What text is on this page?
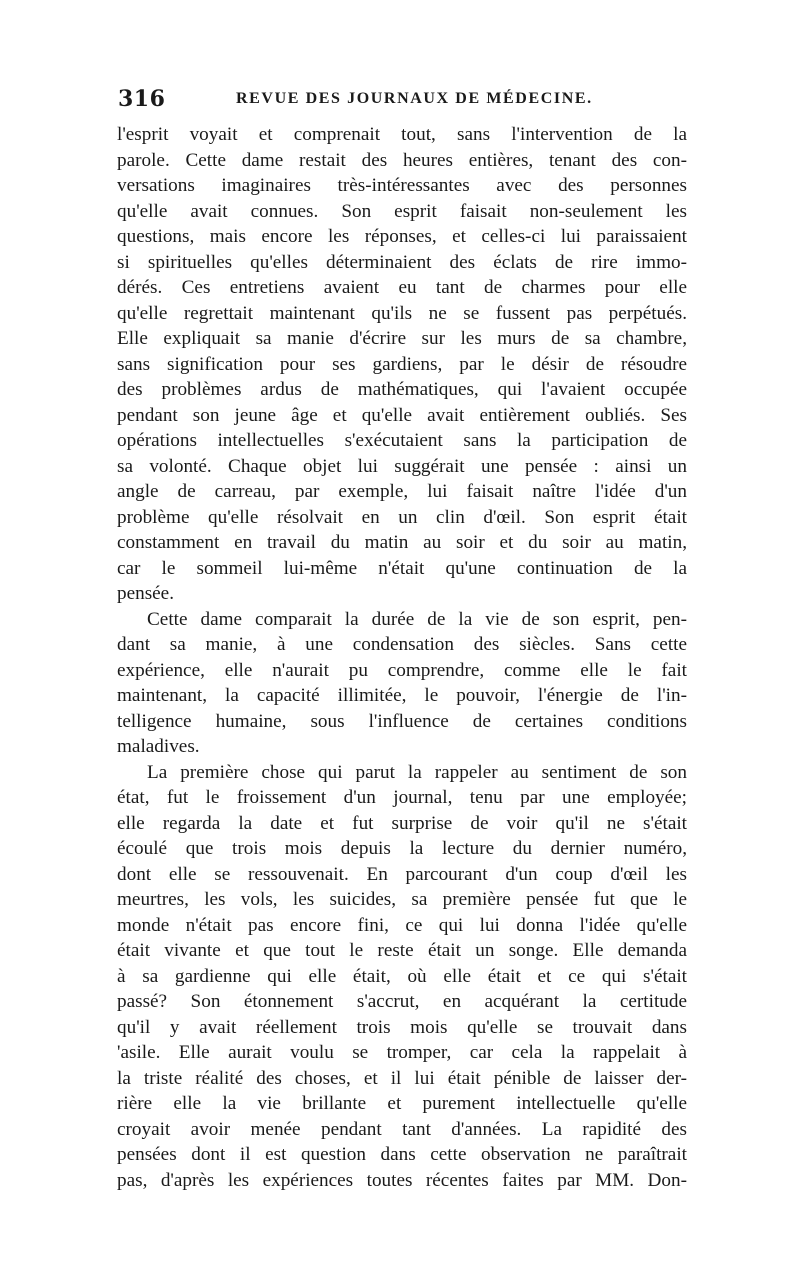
316	REVUE DES JOURNAUX DE MÉDECINE.
l'esprit voyait et comprenait tout, sans l'intervention de la
parole. Cette dame restait des heures entières, tenant des con-
versations imaginaires très-intéressantes avec des personnes
qu'elle avait connues. Son esprit faisait non-seulement les
questions, mais encore les réponses, et celles-ci lui paraissaient
si spirituelles qu'elles déterminaient des éclats de rire immo-
dérés. Ces entretiens avaient eu tant de charmes pour elle
qu'elle regrettait maintenant qu'ils ne se fussent pas perpétués.
Elle expliquait sa manie d'écrire sur les murs de sa chambre,
sans signification pour ses gardiens, par le désir de résoudre
des problèmes ardus de mathématiques, qui l'avaient occupée
pendant son jeune âge et qu'elle avait entièrement oubliés. Ses
opérations intellectuelles s'exécutaient sans la participation de
sa volonté. Chaque objet lui suggérait une pensée : ainsi un
angle de carreau, par exemple, lui faisait naître l'idée d'un
problème qu'elle résolvait en un clin d'œil. Son esprit était
constamment en travail du matin au soir et du soir au matin,
car le sommeil lui-même n'était qu'une continuation de la
pensée.
Cette dame comparait la durée de la vie de son esprit, pen-
dant sa manie, à une condensation des siècles. Sans cette
expérience, elle n'aurait pu comprendre, comme elle le fait
maintenant, la capacité illimitée, le pouvoir, l'énergie de l'in-
telligence humaine, sous l'influence de certaines conditions
maladives.
La première chose qui parut la rappeler au sentiment de son
état, fut le froissement d'un journal, tenu par une employée;
elle regarda la date et fut surprise de voir qu'il ne s'était
écoulé que trois mois depuis la lecture du dernier numéro,
dont elle se ressouvenait. En parcourant d'un coup d'œil les
meurtres, les vols, les suicides, sa première pensée fut que le
monde n'était pas encore fini, ce qui lui donna l'idée qu'elle
était vivante et que tout le reste était un songe. Elle demanda
à sa gardienne qui elle était, où elle était et ce qui s'était
passé? Son étonnement s'accrut, en acquérant la certitude
qu'il y avait réellement trois mois qu'elle se trouvait dans
'asile. Elle aurait voulu se tromper, car cela la rappelait à
la triste réalité des choses, et il lui était pénible de laisser der-
rière elle la vie brillante et purement intellectuelle qu'elle
croyait avoir menée pendant tant d'années. La rapidité des
pensées dont il est question dans cette observation ne paraîtrait
pas, d'après les expériences toutes récentes faites par MM. Don-
